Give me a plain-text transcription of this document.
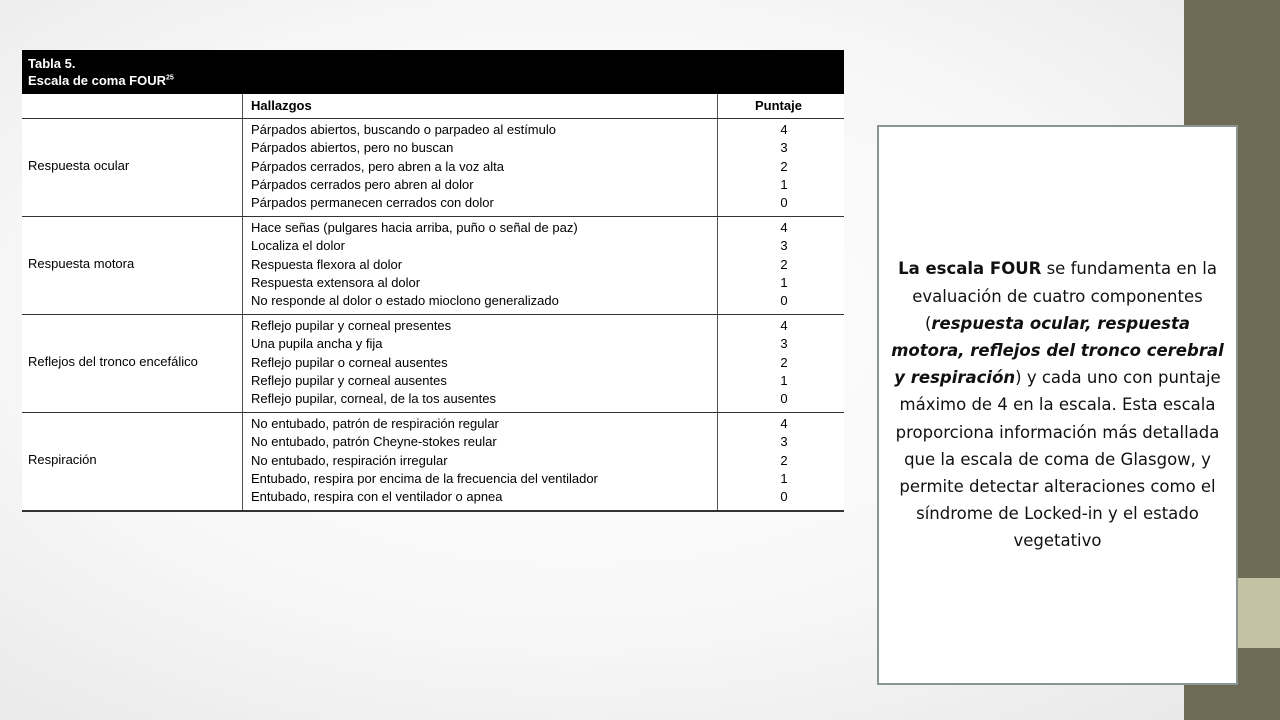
Tabla 5.
Escala de coma FOUR$^{25}$
Hallazgos	Puntaje
Respuesta ocular
Párpados abiertos, buscando o parpadeo al estímulo	4
Párpados abiertos, pero no buscan	3
Párpados cerrados, pero abren a la voz alta	2
Párpados cerrados pero abren al dolor	1
Párpados permanecen cerrados con dolor	0
Respuesta motora
Hace señas (pulgares hacia arriba, puño o señal de paz)	4
Localiza el dolor	3
Respuesta flexora al dolor	2
Respuesta extensora al dolor	1
No responde al dolor o estado mioclono generalizado	0
Reflejos del tronco encefálico
Reflejo pupilar y corneal presentes	4
Una pupila ancha y fija	3
Reflejo pupilar o corneal ausentes	2
Reflejo pupilar y corneal ausentes	1
Reflejo pupilar, corneal, de la tos ausentes	0
Respiración
No entubado, patrón de respiración regular	4
No entubado, patrón Cheyne-stokes reular	3
No entubado, respiración irregular	2
Entubado, respira por encima de la frecuencia del ventilador	1
Entubado, respira con el ventilador o apnea	0

La escala FOUR se fundamenta en la evaluación de cuatro componentes (respuesta ocular, respuesta motora, reflejos del tronco cerebral y respiración) y cada uno con puntaje máximo de 4 en la escala. Esta escala proporciona información más detallada que la escala de coma de Glasgow, y permite detectar alteraciones como el síndrome de Locked-in y el estado vegetativo
